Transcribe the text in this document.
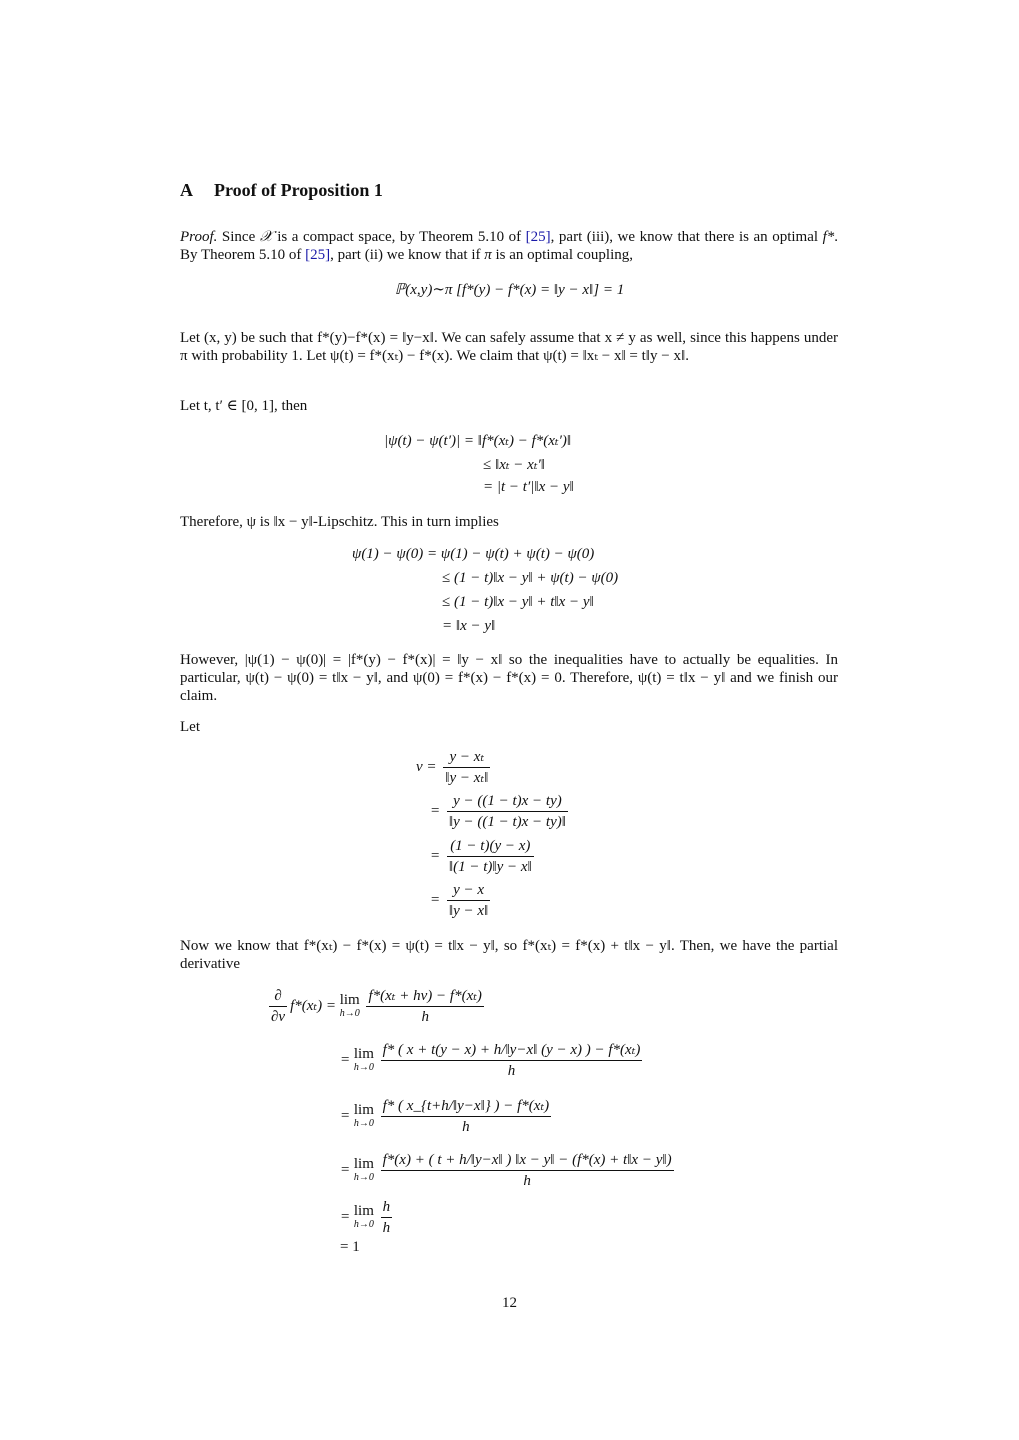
A Proof of Proposition 1
Proof. Since 𝒳 is a compact space, by Theorem 5.10 of [25], part (iii), we know that there is an optimal f*. By Theorem 5.10 of [25], part (ii) we know that if π is an optimal coupling,
ℙ(x,y)∼π [f*(y) − f*(x) = ‖y − x‖] = 1
Let (x, y) be such that f*(y)−f*(x) = ‖y−x‖. We can safely assume that x ≠ y as well, since this happens under π with probability 1. Let ψ(t) = f*(xₜ) − f*(x). We claim that ψ(t) = ‖xₜ − x‖ = t‖y − x‖.
Let t, t′ ∈ [0, 1], then
|ψ(t) − ψ(t′)| = ‖f*(xₜ) − f*(xₜ′)‖
≤ ‖xₜ − xₜ′‖
= |t − t′|‖x − y‖
Therefore, ψ is ‖x − y‖-Lipschitz. This in turn implies
ψ(1) − ψ(0) = ψ(1) − ψ(t) + ψ(t) − ψ(0)
≤ (1 − t)‖x − y‖ + ψ(t) − ψ(0)
≤ (1 − t)‖x − y‖ + t‖x − y‖
= ‖x − y‖
However, |ψ(1) − ψ(0)| = |f*(y) − f*(x)| = ‖y − x‖ so the inequalities have to actually be equalities. In particular, ψ(t) − ψ(0) = t‖x − y‖, and ψ(0) = f*(x) − f*(x) = 0. Therefore, ψ(t) = t‖x − y‖ and we finish our claim.
Let
$v = \frac{\text{y − xₜ}}{\text{‖y − xₜ‖}}$
= $\frac{y - ((1 - t)x - ty)}{‖y - ((1 - t)x - ty)‖}$
= $\frac{(1 - t)(y - x)}{‖(1 - t)‖y - x‖}$
= $\frac{y - x}{‖y - x‖}$
Now we know that f*(xₜ) − f*(x) = ψ(t) = t‖x − y‖, so f*(xₜ) = f*(x) + t‖x − y‖. Then, we have the partial derivative
$\frac{\partial}{\partial v} f*(x_t) = \lim$
h→0
$\frac{\text{f*(xₜ + hv) − f*(xₜ)}}{h}$
= lim
h→0
$\frac{\text{f* ( x + t(y − x) + h/‖y−x‖ (y − x) ) − f*(xₜ)}}{h}$
= lim
h→0
$\frac{\text{f* ( x\_\{t+h/‖y−x‖\} ) − f*(xₜ)}}{h}$
= lim
h→0
$\frac{f*(x) + ( t + h/‖y-x‖ ) ‖x - y‖ - (f*(x) + t‖x - y‖)}{h}$
= lim
h→0
$\frac{h}{h}$
= 1
12
